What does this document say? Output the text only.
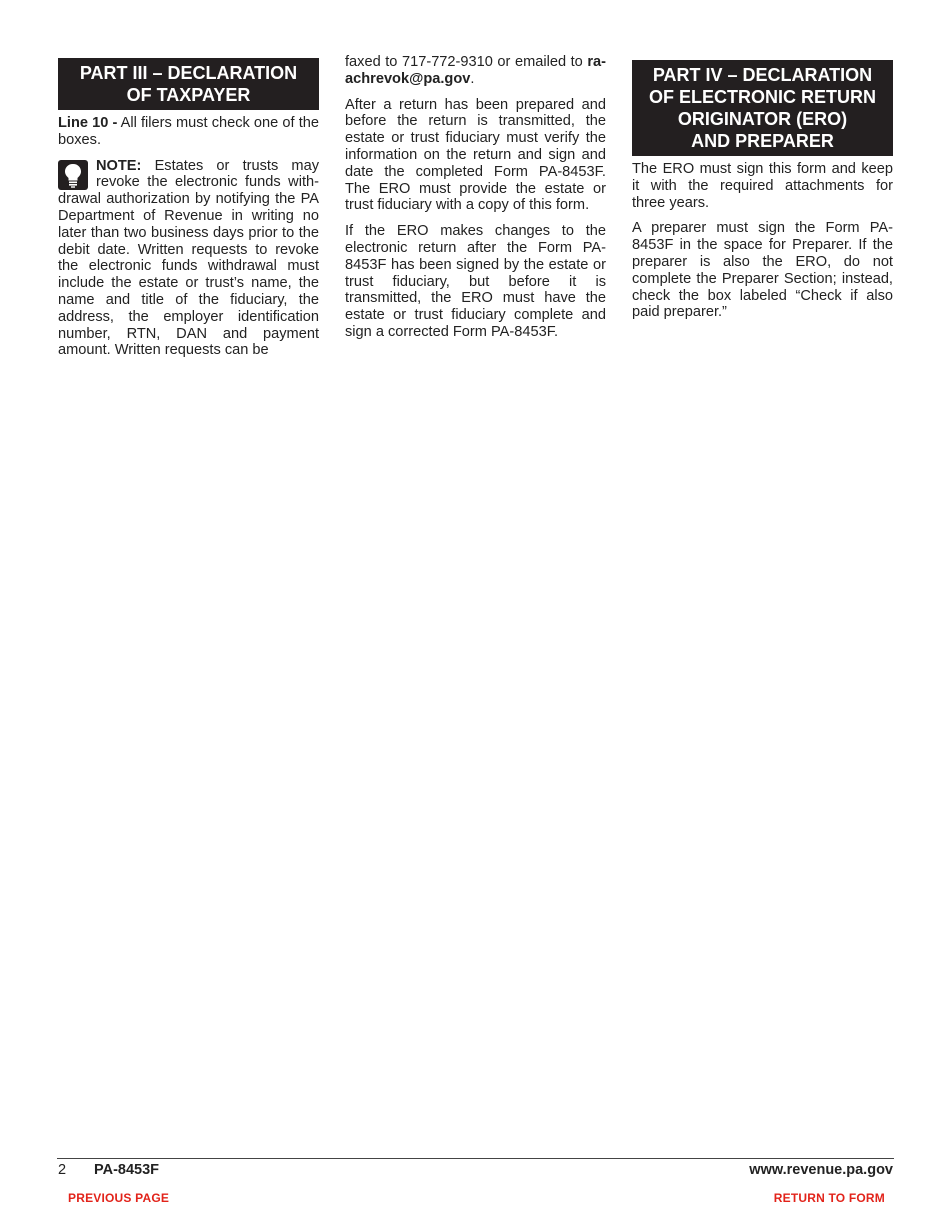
PART III – DECLARATION
OF TAXPAYER

Line 10 - All filers must check one of the boxes.

NOTE: Estates or trusts may revoke the electronic funds withdrawal authorization by notifying the PA Department of Revenue in writing no later than two business days prior to the debit date. Written requests to revoke the electronic funds withdrawal must include the estate or trust’s name, the name and title of the fiduciary, the address, the employer identification number, RTN, DAN and payment amount. Written requests can be

faxed to 717-772-9310 or emailed to ra-achrevok@pa.gov.

After a return has been prepared and before the return is transmitted, the estate or trust fiduciary must verify the information on the return and sign and date the completed Form PA-8453F. The ERO must provide the estate or trust fiduciary with a copy of this form.

If the ERO makes changes to the electronic return after the Form PA-8453F has been signed by the estate or trust fiduciary, but before it is transmitted, the ERO must have the estate or trust fiduciary complete and sign a corrected Form PA-8453F.

PART IV – DECLARATION
OF ELECTRONIC RETURN
ORIGINATOR (ERO)
AND PREPARER

The ERO must sign this form and keep it with the required attachments for three years.

A preparer must sign the Form PA-8453F in the space for Preparer. If the preparer is also the ERO, do not complete the Preparer Section; instead, check the box labeled “Check if also paid preparer.”

2 PA-8453F	www.revenue.pa.gov
PREVIOUS PAGE	RETURN TO FORM
